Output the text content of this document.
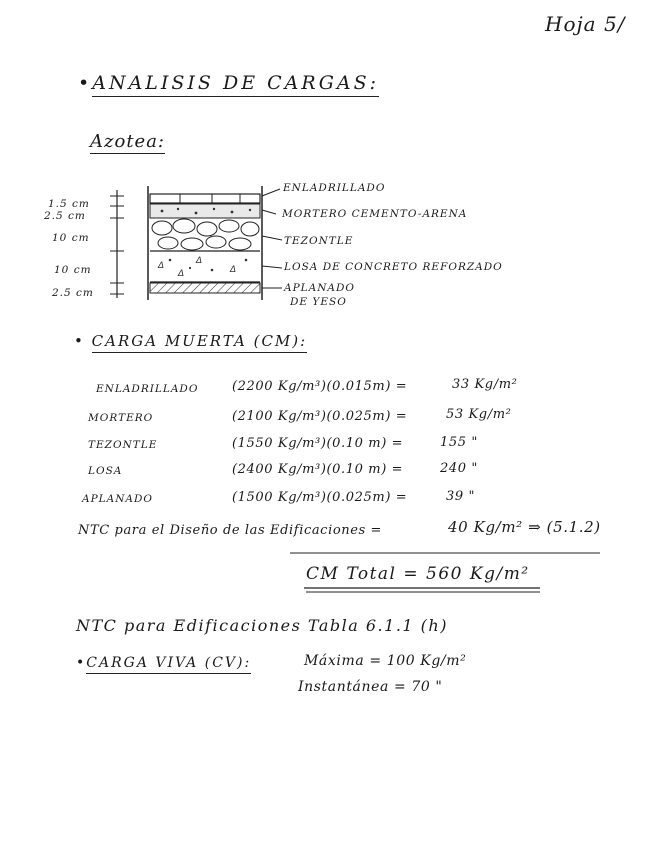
Hoja 5/
•ANALISIS DE CARGAS:
Azotea:
Δ	Δ
Δ
Δ
1.5 cm
2.5 cm
10 cm
10 cm
2.5 cm
ENLADRILLADO
MORTERO CEMENTO-ARENA
TEZONTLE
LOSA DE CONCRETO REFORZADO
APLANADO
DE YESO
• CARGA MUERTA (CM):
ENLADRILLADO	(2200 Kg/m³)(0.015m) =	33 Kg/m²
MORTERO	(2100 Kg/m³)(0.025m) =	53 Kg/m²
TEZONTLE	(1550 Kg/m³)(0.10 m) =	155 "
LOSA	(2400 Kg/m³)(0.10 m) =	240 "
APLANADO	(1500 Kg/m³)(0.025m) =	39 "
NTC para el Diseño de las Edificaciones =	40 Kg/m² ⇒ (5.1.2)
CM Total = 560 Kg/m²
NTC para Edificaciones Tabla 6.1.1 (h)
•CARGA VIVA (CV):	Máxima = 100 Kg/m²
Instantánea = 70 "
